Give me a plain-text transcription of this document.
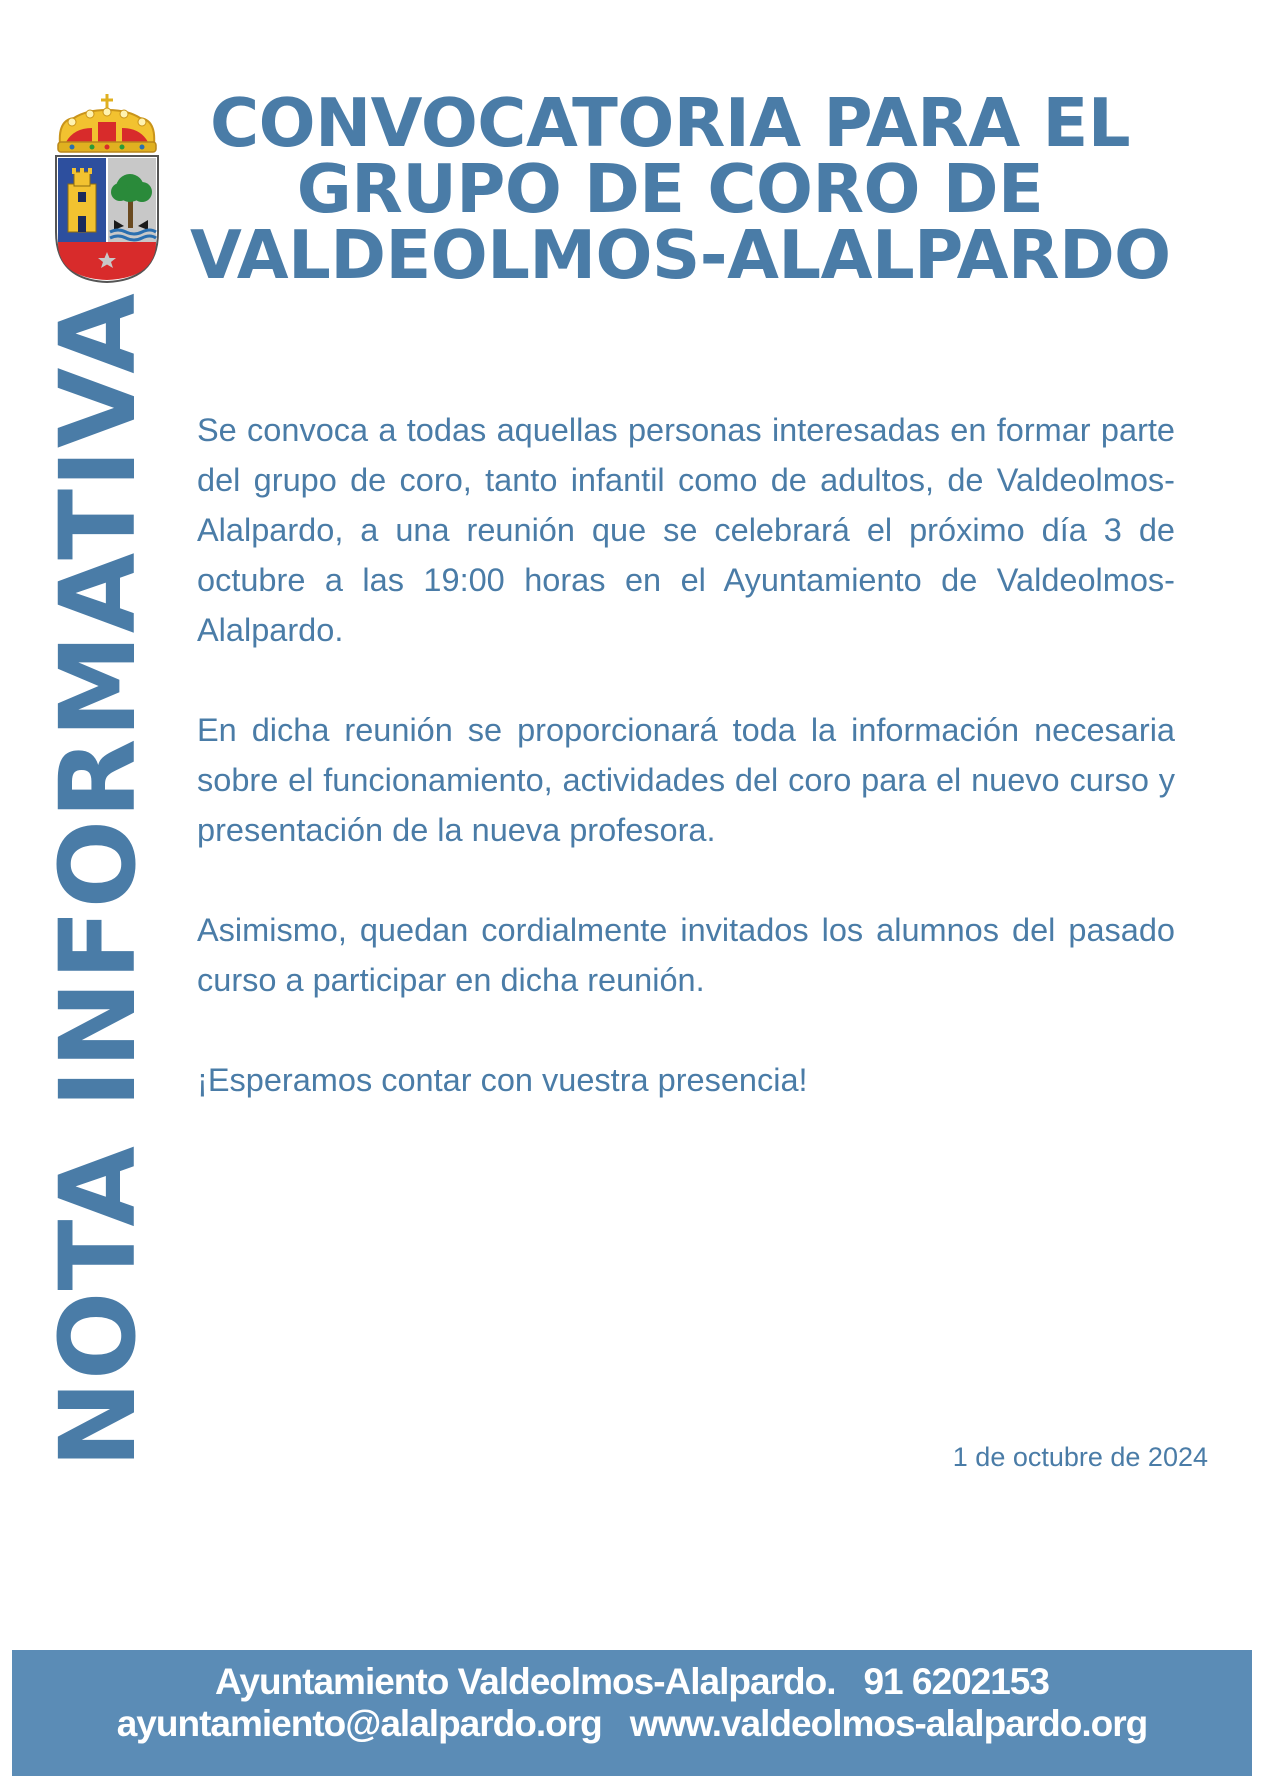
CONVOCATORIA PARA EL
GRUPO DE CORO DE
VALDEOLMOS-ALALPARDO
NOTA INFORMATIVA Se convoca a todas aquellas personas interesadas en formar parte del grupo de coro, tanto infantil como de adultos, de Valdeolmos-Alalpardo, a una reunión que se celebrará el próximo día 3 de octubre a las 19:00 horas en el Ayuntamiento de Valdeolmos-Alalpardo.

En dicha reunión se proporcionará toda la información necesaria sobre el funcionamiento, actividades del coro para el nuevo curso y presentación de la nueva profesora.

Asimismo, quedan cordialmente invitados los alumnos del pasado curso a participar en dicha reunión.

¡Esperamos contar con vuestra presencia!

1 de octubre de 2024
Ayuntamiento Valdeolmos-Alalpardo. 91 6202153
ayuntamiento@alalpardo.org www.valdeolmos-alalpardo.org
